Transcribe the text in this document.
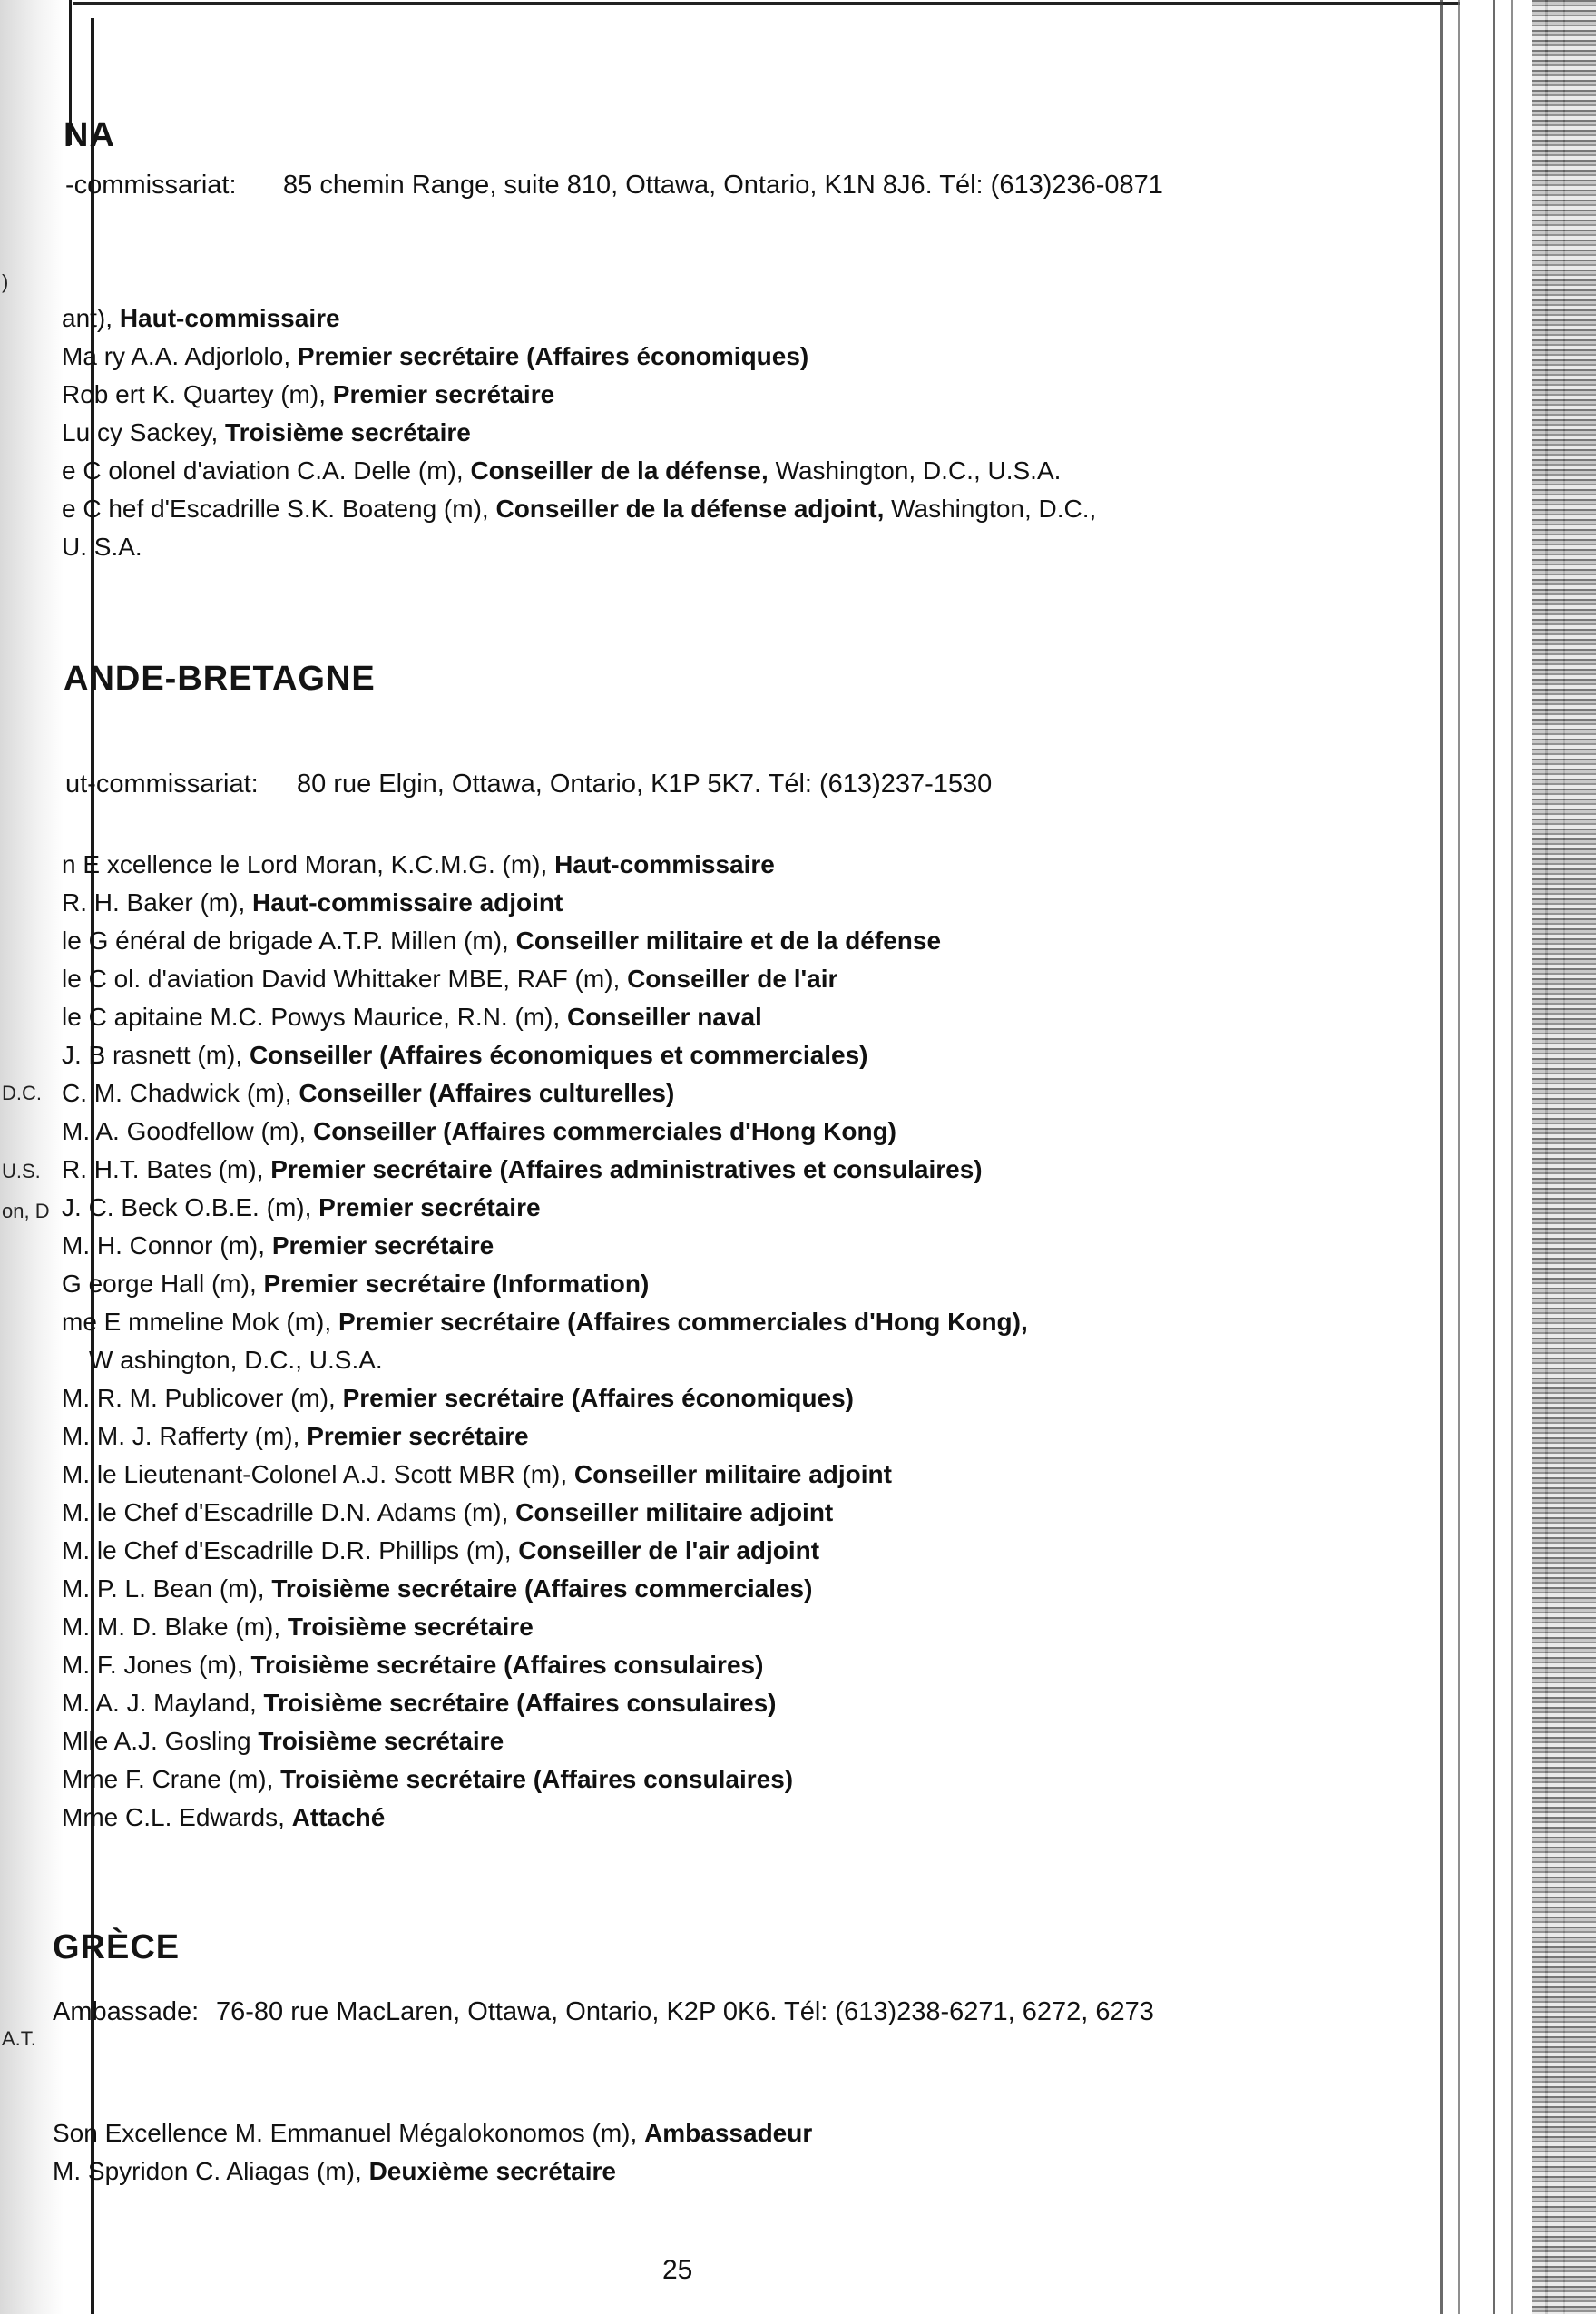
)
D.C.
U.S.
on, D
A.T.
NA
-commissariat: 85 chemin Range, suite 810, Ottawa, Ontario, K1N 8J6. Tél: (613)236-0871
ant), Haut-commissaire
Ma ry A.A. Adjorlolo, Premier secrétaire (Affaires économiques)
Rob ert K. Quartey (m), Premier secrétaire
Lu cy Sackey, Troisième secrétaire
e C olonel d'aviation C.A. Delle (m), Conseiller de la défense, Washington, D.C., U.S.A.
e C hef d'Escadrille S.K. Boateng (m), Conseiller de la défense adjoint, Washington, D.C.,
U. S.A.
ANDE-BRETAGNE
ut-commissariat: 80 rue Elgin, Ottawa, Ontario, K1P 5K7. Tél: (613)237-1530
n E xcellence le Lord Moran, K.C.M.G. (m), Haut-commissaire
R. H. Baker (m), Haut-commissaire adjoint
le G énéral de brigade A.T.P. Millen (m), Conseiller militaire et de la défense
le C ol. d'aviation David Whittaker MBE, RAF (m), Conseiller de l'air
le C apitaine M.C. Powys Maurice, R.N. (m), Conseiller naval
J. B rasnett (m), Conseiller (Affaires économiques et commerciales)
C. M. Chadwick (m), Conseiller (Affaires culturelles)
M. A. Goodfellow (m), Conseiller (Affaires commerciales d'Hong Kong)
R. H.T. Bates (m), Premier secrétaire (Affaires administratives et consulaires)
J. C. Beck O.B.E. (m), Premier secrétaire
M. H. Connor (m), Premier secrétaire
G eorge Hall (m), Premier secrétaire (Information)
me E mmeline Mok (m), Premier secrétaire (Affaires commerciales d'Hong Kong),
W ashington, D.C., U.S.A.
M. R. M. Publicover (m), Premier secrétaire (Affaires économiques)
M. M. J. Rafferty (m), Premier secrétaire
M. le Lieutenant-Colonel A.J. Scott MBR (m), Conseiller militaire adjoint
M. le Chef d'Escadrille D.N. Adams (m), Conseiller militaire adjoint
M. le Chef d'Escadrille D.R. Phillips (m), Conseiller de l'air adjoint
M. P. L. Bean (m), Troisième secrétaire (Affaires commerciales)
M. M. D. Blake (m), Troisième secrétaire
M. F. Jones (m), Troisième secrétaire (Affaires consulaires)
M. A. J. Mayland, Troisième secrétaire (Affaires consulaires)
Mlle A.J. Gosling Troisième secrétaire
Mme F. Crane (m), Troisième secrétaire (Affaires consulaires)
Mme C.L. Edwards, Attaché
GRÈCE
Ambassade: 76-80 rue MacLaren, Ottawa, Ontario, K2P 0K6. Tél: (613)238-6271, 6272, 6273
Son Excellence M. Emmanuel Mégalokonomos (m), Ambassadeur
M. Spyridon C. Aliagas (m), Deuxième secrétaire
25
